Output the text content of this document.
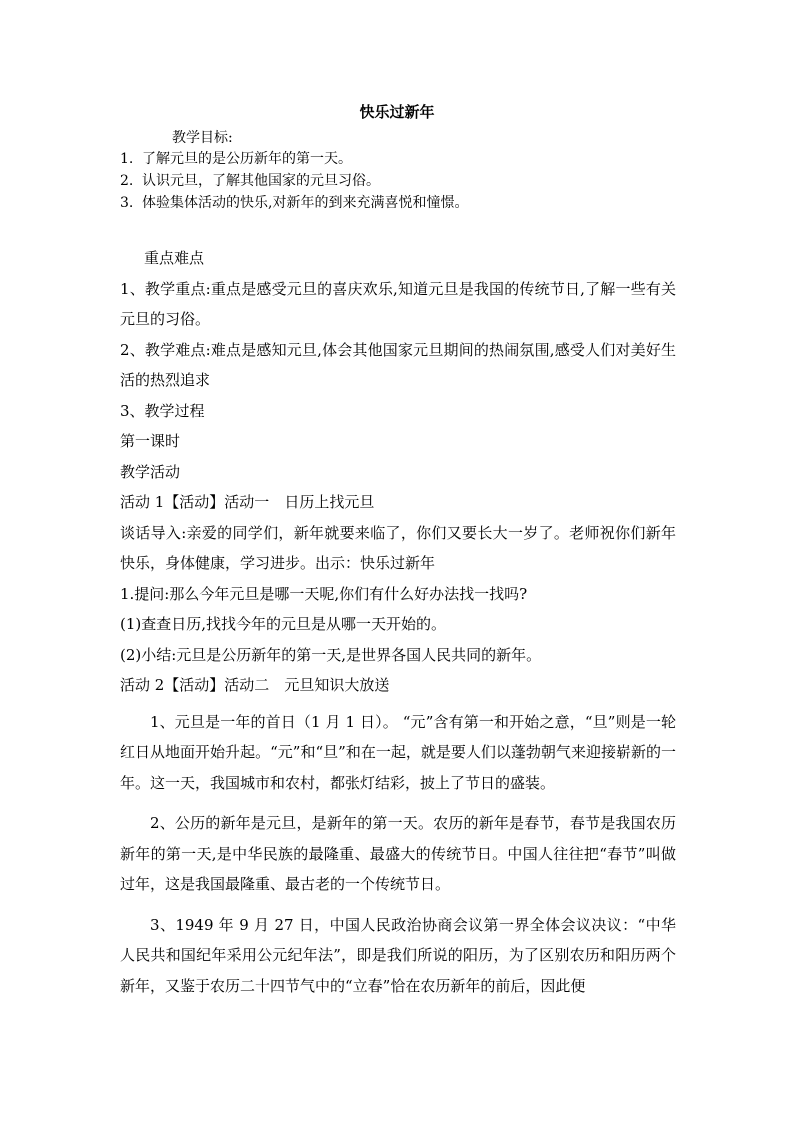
快乐过新年
教学目标:
1. 了解元旦的是公历新年的第一天。
2. 认识元旦，了解其他国家的元旦习俗。
3. 体验集体活动的快乐,对新年的到来充满喜悦和憧憬。

重点难点

1、教学重点:重点是感受元旦的喜庆欢乐,知道元旦是我国的传统节日,了解一些有关元旦的习俗。

2、教学难点:难点是感知元旦,体会其他国家元旦期间的热闹氛围,感受人们对美好生活的热烈追求

3、教学过程

第一课时

教学活动

活动 1【活动】活动一　日历上找元旦

谈话导入:亲爱的同学们，新年就要来临了，你们又要长大一岁了。老师祝你们新年快乐，身体健康，学习进步。出示：快乐过新年

1.提问:那么今年元旦是哪一天呢,你们有什么好办法找一找吗?

(1)查查日历,找找今年的元旦是从哪一天开始的。

(2)小结:元旦是公历新年的第一天,是世界各国人民共同的新年。

活动 2【活动】活动二　元旦知识大放送

1、元旦是一年的首日（1 月 1 日）。 “元”含有第一和开始之意，“旦”则是一轮红日从地面开始升起。“元”和“旦”和在一起，就是要人们以蓬勃朝气来迎接崭新的一年。这一天，我国城市和农村，都张灯结彩，披上了节日的盛装。

2、公历的新年是元旦，是新年的第一天。农历的新年是春节，春节是我国农历新年的第一天,是中华民族的最隆重、最盛大的传统节日。中国人往往把“春节”叫做过年，这是我国最隆重、最古老的一个传统节日。

3、1949 年 9 月 27 日，中国人民政治协商会议第一界全体会议决议：“中华人民共和国纪年采用公元纪年法”，即是我们所说的阳历，为了区别农历和阳历两个新年，又鉴于农历二十四节气中的“立春”恰在农历新年的前后，因此便
